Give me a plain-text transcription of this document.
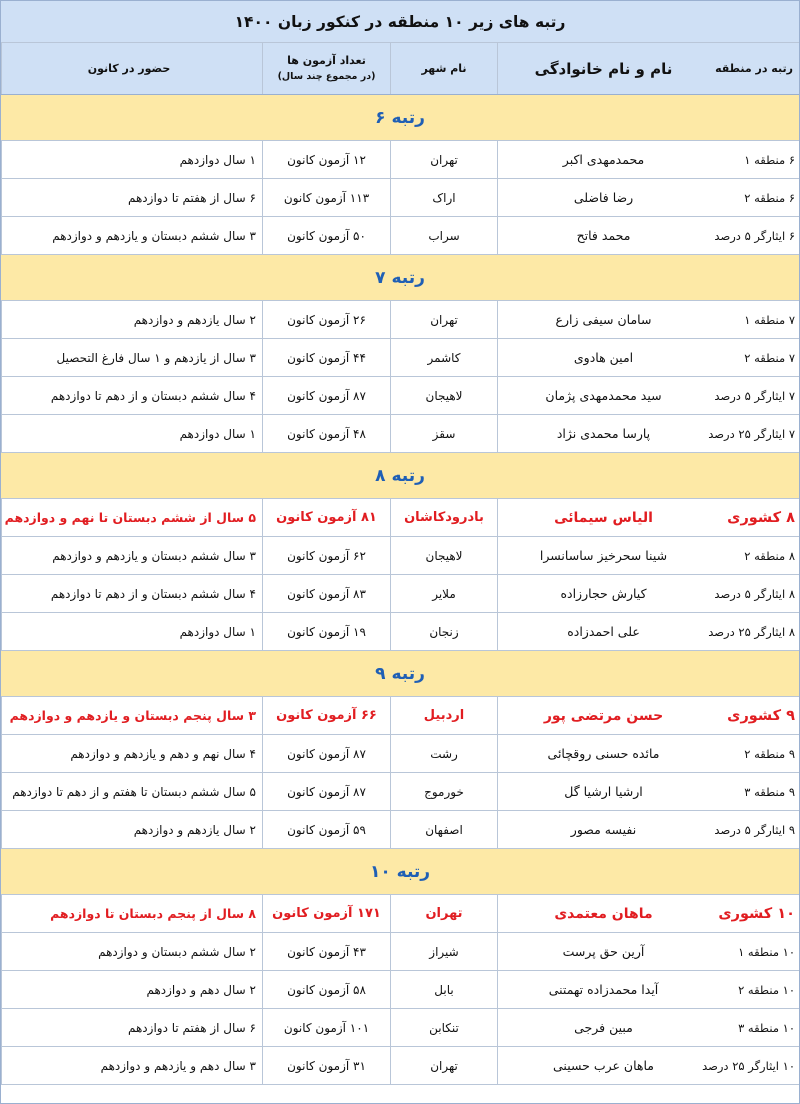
رتبه های زیر ۱۰ منطقه در کنکور زبان ۱۴۰۰
رتبه در منطقه
نام و نام خانوادگی
نام شهر
تعداد آزمون ها
(در مجموع چند سال)
حضور در کانون
رتبه ۶
۶ منطقه ۱
محمدمهدی اکبر
تهران
۱۲ آزمون کانون
۱ سال دوازدهم
۶ منطقه ۲
رضا فاضلی
اراک
۱۱۳ آزمون کانون
۶ سال از هفتم تا دوازدهم
۶ ایثارگر ۵ درصد
محمد فاتح
سراب
۵۰ آزمون کانون
۳ سال ششم دبستان و یازدهم و دوازدهم
رتبه ۷
۷ منطقه ۱
سامان سیفی زارع
تهران
۲۶ آزمون کانون
۲ سال یازدهم و دوازدهم
۷ منطقه ۲
امین هادوی
کاشمر
۴۴ آزمون کانون
۳ سال از یازدهم و ۱ سال فارغ التحصیل
۷ ایثارگر ۵ درصد
سید محمدمهدی پژمان
لاهیجان
۸۷ آزمون کانون
۴ سال ششم دبستان و از دهم تا دوازدهم
۷ ایثارگر ۲۵ درصد
پارسا محمدی نژاد
سقز
۴۸ آزمون کانون
۱ سال دوازدهم
رتبه ۸
۸ کشوری
الیاس سیمائی
بادرودکاشان
۸۱ آزمون کانون
۵ سال از ششم دبستان تا نهم و دوازدهم
۸ منطقه ۲
شینا سحرخیز ساسانسرا
لاهیجان
۶۲ آزمون کانون
۳ سال ششم دبستان و یازدهم و دوازدهم
۸ ایثارگر ۵ درصد
کیارش حجارزاده
ملایر
۸۳ آزمون کانون
۴ سال ششم دبستان و از دهم تا دوازدهم
۸ ایثارگر ۲۵ درصد
علی احمدزاده
زنجان
۱۹ آزمون کانون
۱ سال دوازدهم
رتبه ۹
۹ کشوری
حسن مرتضی پور
اردبیل
۶۶ آزمون کانون
۳ سال پنجم دبستان و یازدهم و دوازدهم
۹ منطقه ۲
مائده حسنی روقچائی
رشت
۸۷ آزمون کانون
۴ سال نهم و دهم و یازدهم و دوازدهم
۹ منطقه ۳
ارشیا ارشیا گل
خورموج
۸۷ آزمون کانون
۵ سال ششم دبستان تا هفتم و از دهم تا دوازدهم
۹ ایثارگر ۵ درصد
نفیسه مصور
اصفهان
۵۹ آزمون کانون
۲ سال یازدهم و دوازدهم
رتبه ۱۰
۱۰ کشوری
ماهان معتمدی
تهران
۱۷۱ آزمون کانون
۸ سال از پنجم دبستان تا دوازدهم
۱۰ منطقه ۱
آرین حق پرست
شیراز
۴۳ آزمون کانون
۲ سال ششم دبستان و دوازدهم
۱۰ منطقه ۲
آیدا محمدزاده تهمتنی
بابل
۵۸ آزمون کانون
۲ سال دهم و دوازدهم
۱۰ منطقه ۳
مبین فرجی
تنکابن
۱۰۱ آزمون کانون
۶ سال از هفتم تا دوازدهم
۱۰ ایثارگر ۲۵ درصد
ماهان عرب حسینی
تهران
۳۱ آزمون کانون
۳ سال دهم و یازدهم و دوازدهم
